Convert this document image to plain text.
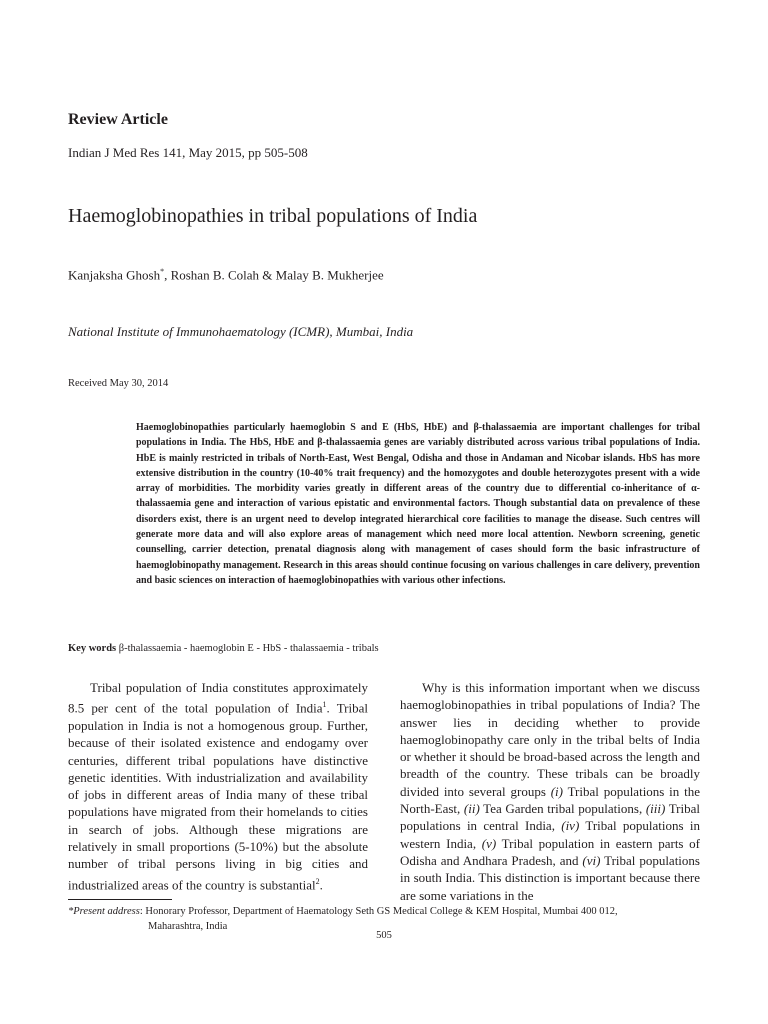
Review Article
Indian J Med Res 141, May 2015, pp 505-508
Haemoglobinopathies in tribal populations of India
Kanjaksha Ghosh*, Roshan B. Colah & Malay B. Mukherjee
National Institute of Immunohaematology (ICMR), Mumbai, India
Received May 30, 2014

Haemoglobinopathies particularly haemoglobin S and E (HbS, HbE) and β-thalassaemia are important challenges for tribal populations in India. The HbS, HbE and β-thalassaemia genes are variably distributed across various tribal populations of India. HbE is mainly restricted in tribals of North-East, West Bengal, Odisha and those in Andaman and Nicobar islands. HbS has more extensive distribution in the country (10-40% trait frequency) and the homozygotes and double heterozygotes present with a wide array of morbidities. The morbidity varies greatly in different areas of the country due to differential co-inheritance of α-thalassaemia gene and interaction of various epistatic and environmental factors. Though substantial data on prevalence of these disorders exist, there is an urgent need to develop integrated hierarchical core facilities to manage the disease. Such centres will generate more data and will also explore areas of management which need more local attention. Newborn screening, genetic counselling, carrier detection, prenatal diagnosis along with management of cases should form the basic infrastructure of haemoglobinopathy management. Research in this areas should continue focusing on various challenges in care delivery, prevention and basic sciences on interaction of haemoglobinopathies with various other infections.

Key words β-thalassaemia - haemoglobin E - HbS - thalassaemia - tribals

Tribal population of India constitutes approximately 8.5 per cent of the total population of India$^1$. Tribal population in India is not a homogenous group. Further, because of their isolated existence and endogamy over centuries, different tribal populations have distinctive genetic identities. With industrialization and availability of jobs in different areas of India many of these tribal populations have migrated from their homelands to cities in search of jobs. Although these migrations are relatively in small proportions (5-10%) but the absolute number of tribal persons living in big cities and industrialized areas of the country is substantial$^2$.

Why is this information important when we discuss haemoglobinopathies in tribal populations of India? The answer lies in deciding whether to provide haemoglobinopathy care only in the tribal belts of India or whether it should be broad-based across the length and breadth of the country. These tribals can be broadly divided into several groups (i) Tribal populations in the North-East, (ii) Tea Garden tribal populations, (iii) Tribal populations in central India, (iv) Tribal populations in western India, (v) Tribal population in eastern parts of Odisha and Andhara Pradesh, and (vi) Tribal populations in south India. This distinction is important because there are some variations in the

*Present address: Honorary Professor, Department of Haematology Seth GS Medical College & KEM Hospital, Mumbai 400 012,
Maharashtra, India
505
